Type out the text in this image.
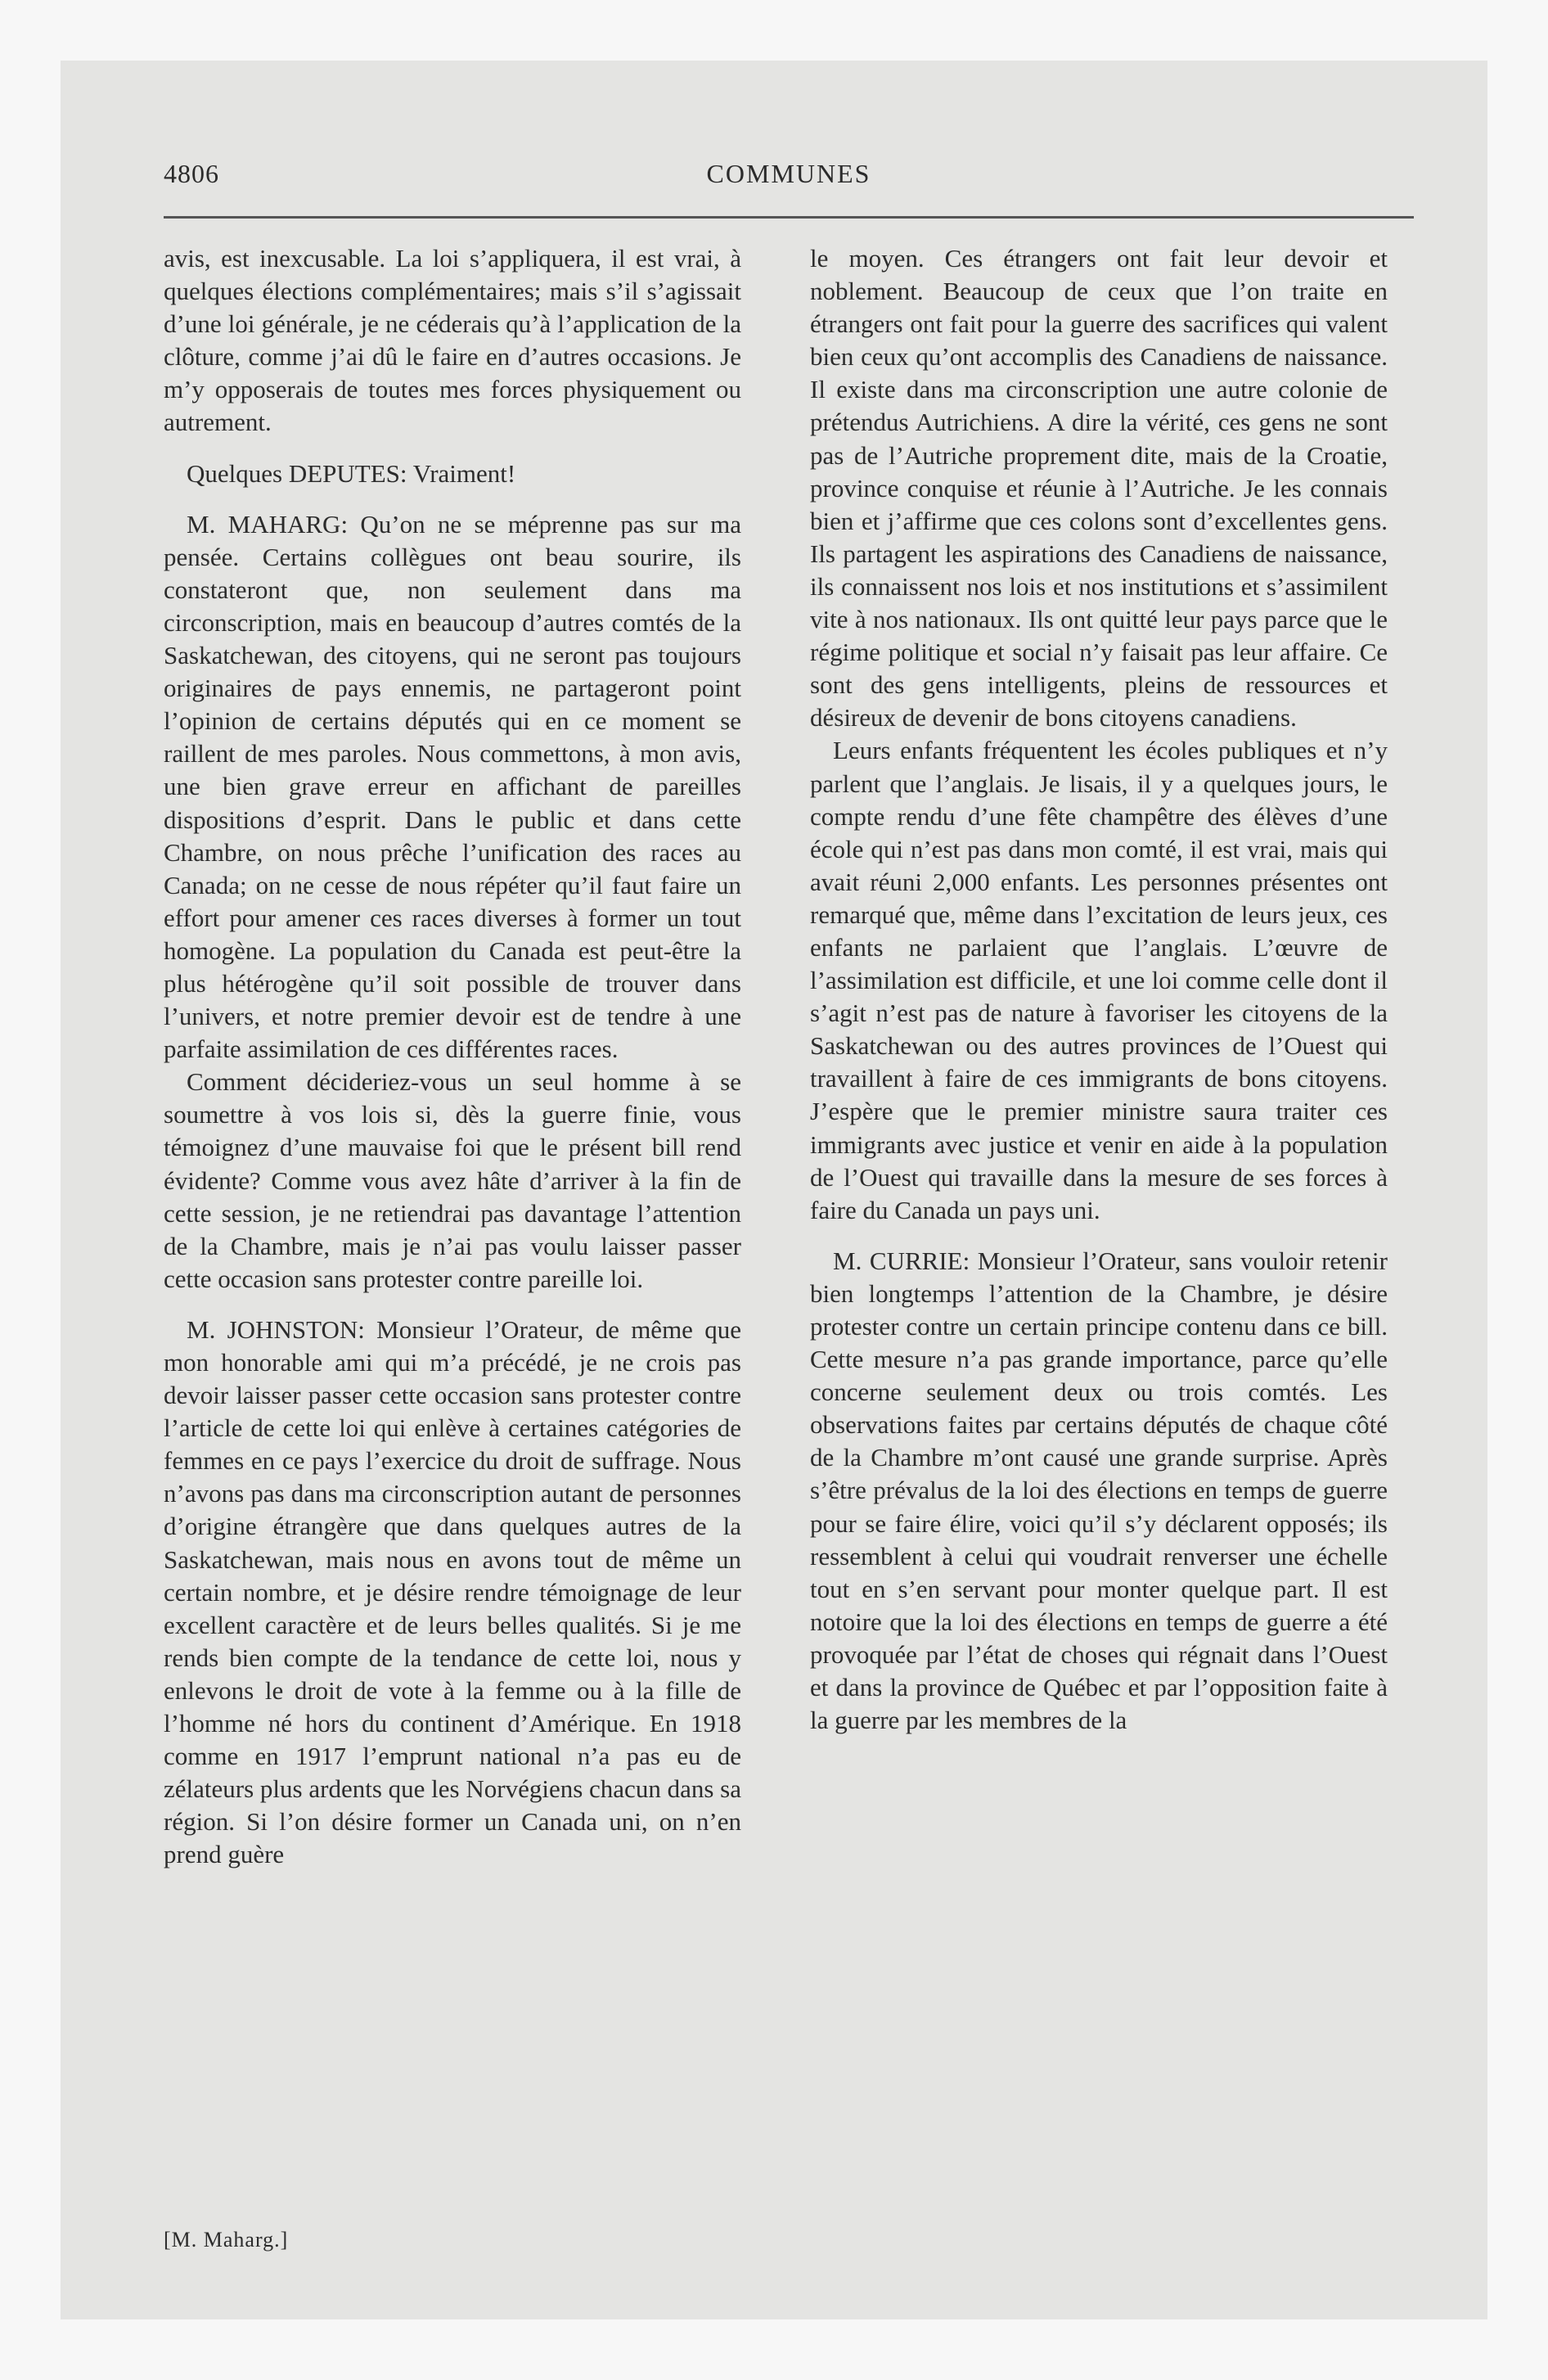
4806	COMMUNES

avis, est inexcusable. La loi s’appliquera, il est vrai, à quelques élections complémentaires; mais s’il s’agissait d’une loi générale, je ne céderais qu’à l’application de la clôture, comme j’ai dû le faire en d’autres occasions. Je m’y opposerais de toutes mes forces physiquement ou autrement.

Quelques DEPUTES: Vraiment!

M. MAHARG: Qu’on ne se méprenne pas sur ma pensée. Certains collègues ont beau sourire, ils constateront que, non seulement dans ma circonscription, mais en beaucoup d’autres comtés de la Saskatchewan, des citoyens, qui ne seront pas toujours originaires de pays ennemis, ne partageront point l’opinion de certains députés qui en ce moment se raillent de mes paroles. Nous commettons, à mon avis, une bien grave erreur en affichant de pareilles dispositions d’esprit. Dans le public et dans cette Chambre, on nous prêche l’unification des races au Canada; on ne cesse de nous répéter qu’il faut faire un effort pour amener ces races diverses à former un tout homogène. La population du Canada est peut-être la plus hétérogène qu’il soit possible de trouver dans l’univers, et notre premier devoir est de tendre à une parfaite assimilation de ces différentes races.

Comment décideriez-vous un seul homme à se soumettre à vos lois si, dès la guerre finie, vous témoignez d’une mauvaise foi que le présent bill rend évidente? Comme vous avez hâte d’arriver à la fin de cette session, je ne retiendrai pas davantage l’attention de la Chambre, mais je n’ai pas voulu laisser passer cette occasion sans protester contre pareille loi.

M. JOHNSTON: Monsieur l’Orateur, de même que mon honorable ami qui m’a précédé, je ne crois pas devoir laisser passer cette occasion sans protester contre l’article de cette loi qui enlève à certaines catégories de femmes en ce pays l’exercice du droit de suffrage. Nous n’avons pas dans ma circonscription autant de personnes d’origine étrangère que dans quelques autres de la Saskatchewan, mais nous en avons tout de même un certain nombre, et je désire rendre témoignage de leur excellent caractère et de leurs belles qualités. Si je me rends bien compte de la tendance de cette loi, nous y enlevons le droit de vote à la femme ou à la fille de l’homme né hors du continent d’Amérique. En 1918 comme en 1917 l’emprunt national n’a pas eu de zélateurs plus ardents que les Norvégiens chacun dans sa région. Si l’on désire former un Canada uni, on n’en prend guère

le moyen. Ces étrangers ont fait leur devoir et noblement. Beaucoup de ceux que l’on traite en étrangers ont fait pour la guerre des sacrifices qui valent bien ceux qu’ont accomplis des Canadiens de naissance. Il existe dans ma circonscription une autre colonie de prétendus Autrichiens. A dire la vérité, ces gens ne sont pas de l’Autriche proprement dite, mais de la Croatie, province conquise et réunie à l’Autriche. Je les connais bien et j’affirme que ces colons sont d’excellentes gens. Ils partagent les aspirations des Canadiens de naissance, ils connaissent nos lois et nos institutions et s’assimilent vite à nos nationaux. Ils ont quitté leur pays parce que le régime politique et social n’y faisait pas leur affaire. Ce sont des gens intelligents, pleins de ressources et désireux de devenir de bons citoyens canadiens.

Leurs enfants fréquentent les écoles publiques et n’y parlent que l’anglais. Je lisais, il y a quelques jours, le compte rendu d’une fête champêtre des élèves d’une école qui n’est pas dans mon comté, il est vrai, mais qui avait réuni 2,000 enfants. Les personnes présentes ont remarqué que, même dans l’excitation de leurs jeux, ces enfants ne parlaient que l’anglais. L’œuvre de l’assimilation est difficile, et une loi comme celle dont il s’agit n’est pas de nature à favoriser les citoyens de la Saskatchewan ou des autres provinces de l’Ouest qui travaillent à faire de ces immigrants de bons citoyens. J’espère que le premier ministre saura traiter ces immigrants avec justice et venir en aide à la population de l’Ouest qui travaille dans la mesure de ses forces à faire du Canada un pays uni.

M. CURRIE: Monsieur l’Orateur, sans vouloir retenir bien longtemps l’attention de la Chambre, je désire protester contre un certain principe contenu dans ce bill. Cette mesure n’a pas grande importance, parce qu’elle concerne seulement deux ou trois comtés. Les observations faites par certains députés de chaque côté de la Chambre m’ont causé une grande surprise. Après s’être prévalus de la loi des élections en temps de guerre pour se faire élire, voici qu’il s’y déclarent opposés; ils ressemblent à celui qui voudrait renverser une échelle tout en s’en servant pour monter quelque part. Il est notoire que la loi des élections en temps de guerre a été provoquée par l’état de choses qui régnait dans l’Ouest et dans la province de Québec et par l’opposition faite à la guerre par les membres de la

[M. Maharg.]
